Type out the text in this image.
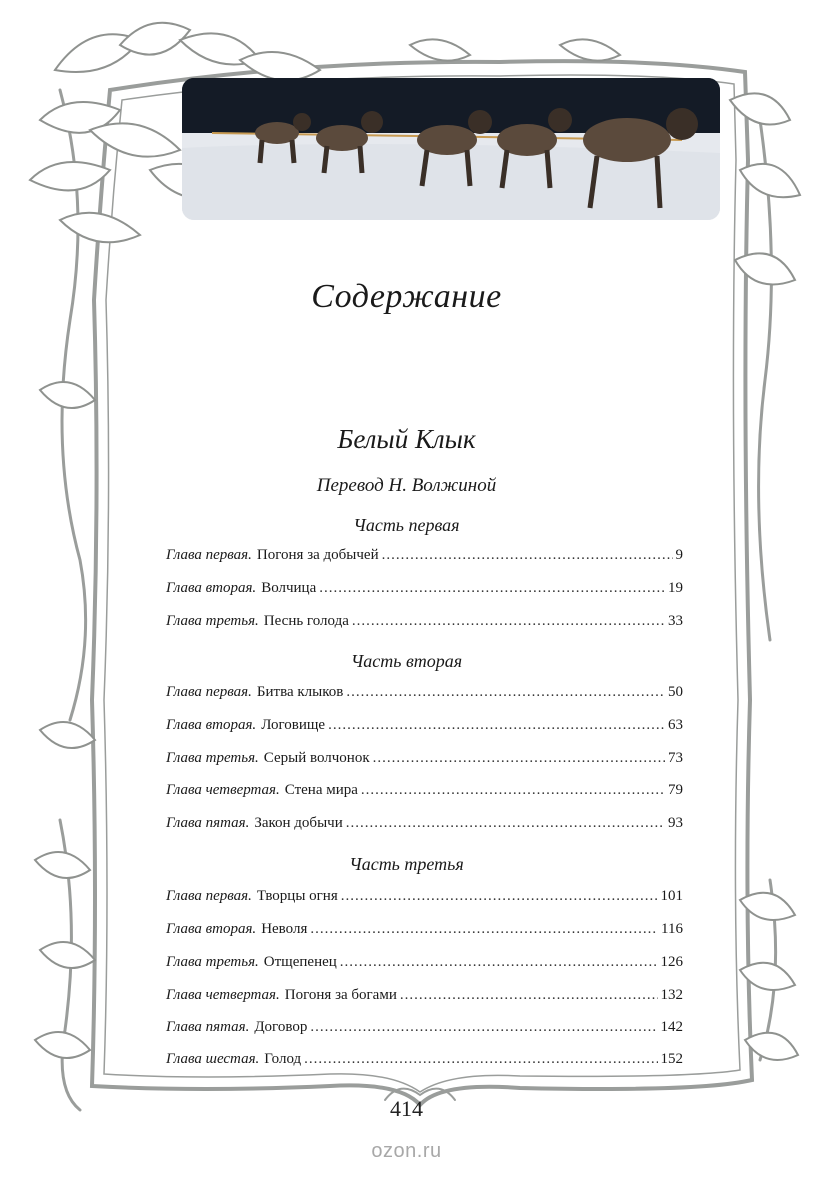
Содержание
Белый Клык
Перевод Н. Волжиной
Часть первая
Глава первая. Погоня за добычей .....	9
Глава вторая. Волчица .....	19
Глава третья. Песнь голода .....	33
Часть вторая
Глава первая. Битва клыков .....	50
Глава вторая. Логовище .....	63
Глава третья. Серый волчонок .....	73
Глава четвертая. Стена мира .....	79
Глава пятая. Закон добычи .....	93
Часть третья
Глава первая. Творцы огня .....	101
Глава вторая. Неволя .....	116
Глава третья. Отщепенец .....	126
Глава четвертая. Погоня за богами .....	132
Глава пятая. Договор .....	142
Глава шестая. Голод .....	152
414
ozon.ru
